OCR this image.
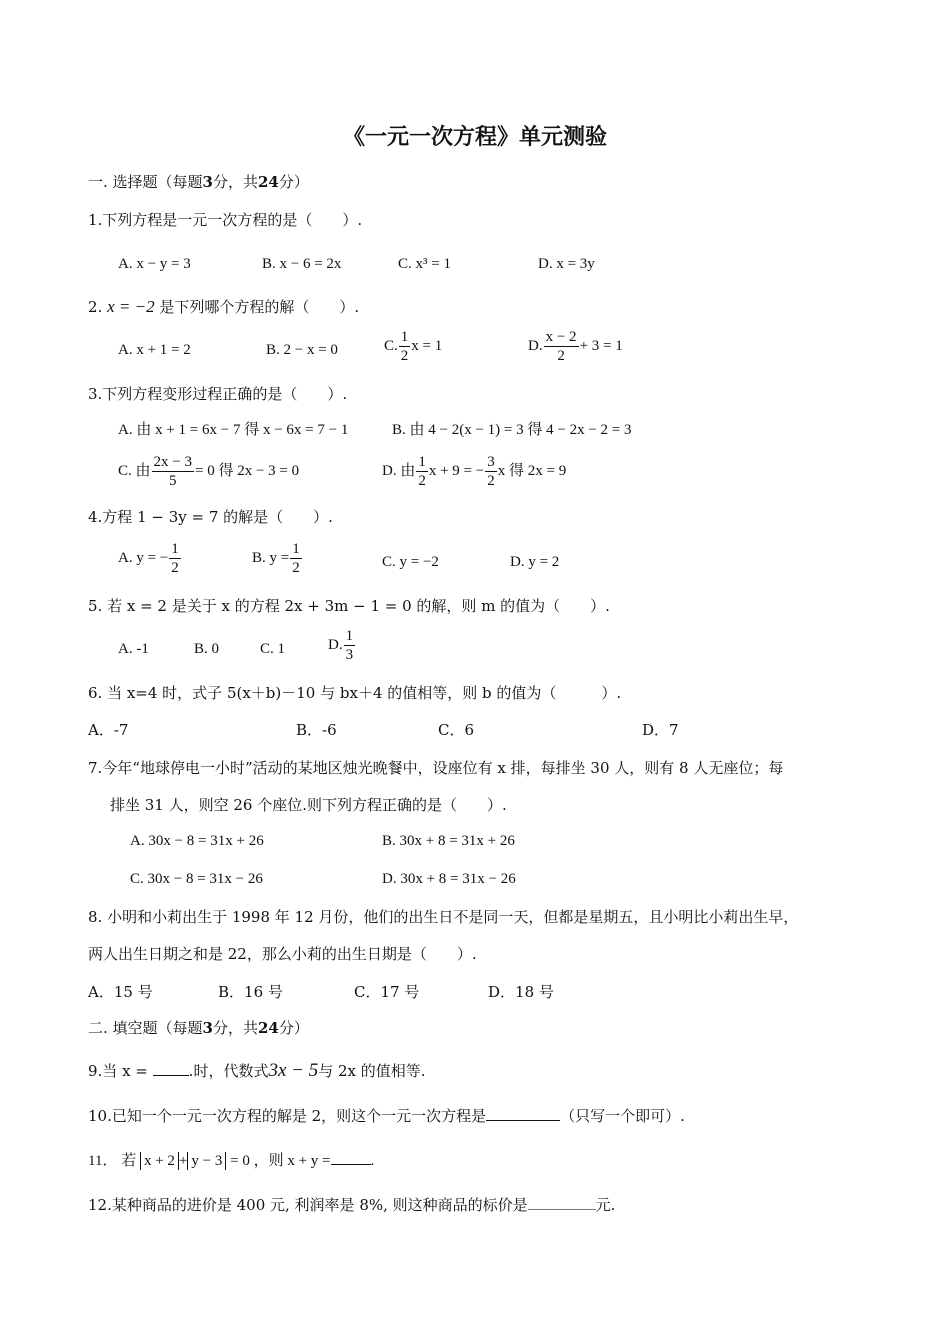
《一元一次方程》单元测验
一. 选择题（每题3分，共24分）
1.下列方程是一元一次方程的是（　　）.
A. x − y = 3	B. x − 6 = 2x	C. x³ = 1	D. x = 3y
2. x = −2 是下列哪个方程的解（　　）.
A. x + 1 = 2	B. 2 − x = 0	C. $\frac{1}{2}$ x = 1	D. $\frac{x - 2}{2} + 3 = 1$
3.下列方程变形过程正确的是（　　）.
A. 由 x + 1 = 6x − 7 得 x − 6x = 7 − 1	B. 由 4 − 2(x − 1) = 3 得 4 − 2x − 2 = 3
C. 由 $\frac{2x - 3}{5} = 0$ 得 2x − 3 = 0	D. 由 $\frac{1}{2}$ x + 9 = − $\frac{3}{2}$ x 得 2x = 9
4.方程 1 − 3y = 7 的解是（　　）.
A. y = − $\frac{1}{2}$	B. $y = \frac{1}{2}$	C. y = −2	D. y = 2
5. 若 x = 2 是关于 x 的方程 2x + 3m − 1 = 0 的解，则 m 的值为（　　）.
A. -1	B. 0	C. 1	D. $\frac{1}{3}$
6. 当 x=4 时，式子 5(x＋b)－10 与 bx＋4 的值相等，则 b 的值为（　　　）.
A．-7	B．-6	C．6	D．7
7.今年“地球停电一小时”活动的某地区烛光晚餐中，设座位有 x 排，每排坐 30 人，则有 8 人无座位；每
排坐 31 人，则空 26 个座位.则下列方程正确的是（　　）.
A. 30x − 8 = 31x + 26	B. 30x + 8 = 31x + 26
C. 30x − 8 = 31x − 26	D. 30x + 8 = 31x − 26
8. 小明和小莉出生于 1998 年 12 月份，他们的出生日不是同一天，但都是星期五，且小明比小莉出生早，
两人出生日期之和是 22，那么小莉的出生日期是（　　）.
A．15 号	B．16 号	C．17 号	D．18 号
二. 填空题（每题3分，共24分）
9.当 x =	.时，代数式3x − 5与 2x 的值相等.
10.已知一个一元一次方程的解是 2，则这个一元一次方程是	（只写一个即可）.
11． 若 x + 2 + y − 3 = 0 ，则 x + y =	.
12.某种商品的进价是 400 元, 利润率是 8%, 则这种商品的标价是	元.
